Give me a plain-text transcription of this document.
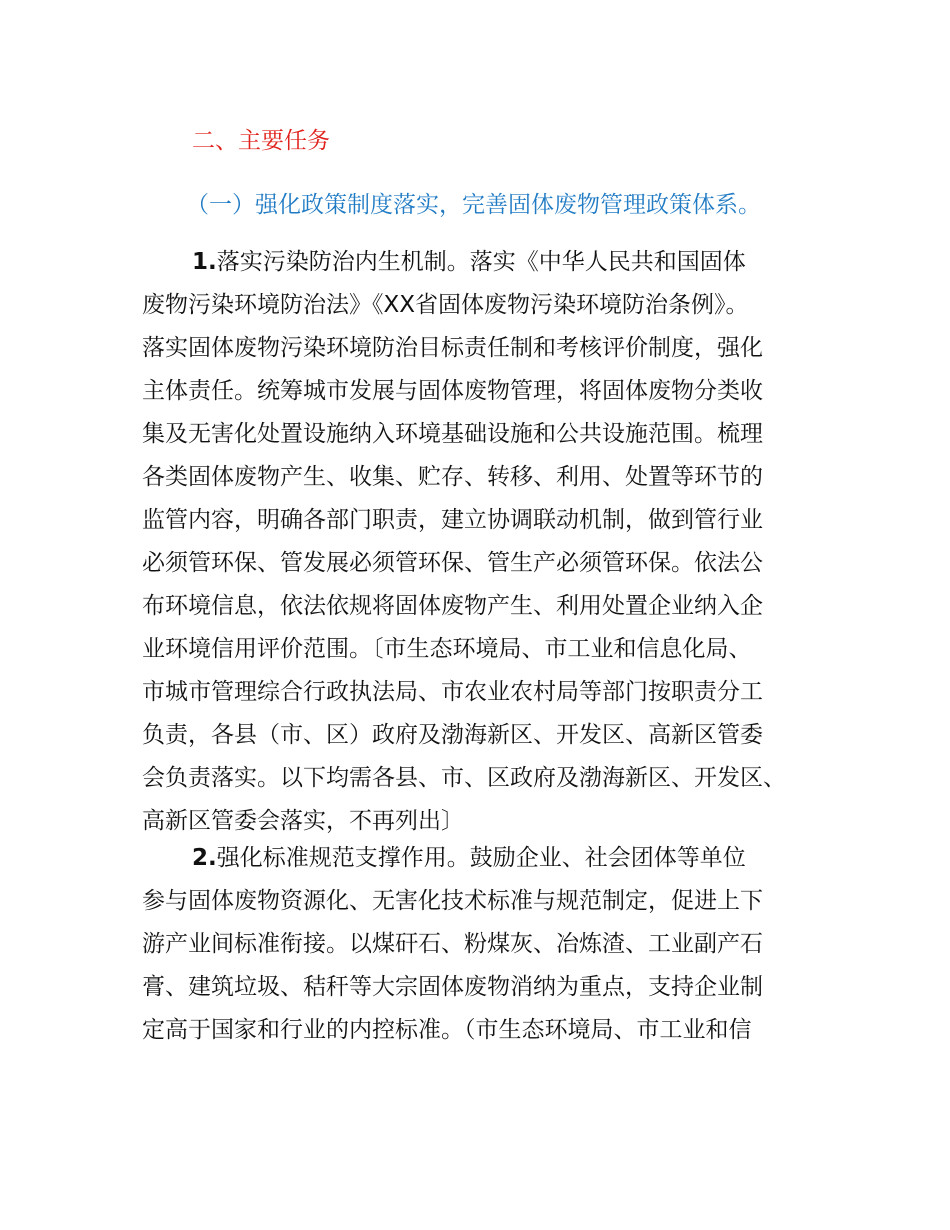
二、主要任务
（一）强化政策制度落实，完善固体废物管理政策体系。
1.落实污染防治内生机制。落实《中华人民共和国固体
废物污染环境防治法》《XX省固体废物污染环境防治条例》。
落实固体废物污染环境防治目标责任制和考核评价制度，强化
主体责任。统筹城市发展与固体废物管理，将固体废物分类收
集及无害化处置设施纳入环境基础设施和公共设施范围。梳理
各类固体废物产生、收集、贮存、转移、利用、处置等环节的
监管内容，明确各部门职责，建立协调联动机制，做到管行业
必须管环保、管发展必须管环保、管生产必须管环保。依法公
布环境信息，依法依规将固体废物产生、利用处置企业纳入企
业环境信用评价范围。〔市生态环境局、市工业和信息化局、
市城市管理综合行政执法局、市农业农村局等部门按职责分工
负责，各县（市、区）政府及渤海新区、开发区、高新区管委
会负责落实。以下均需各县、市、区政府及渤海新区、开发区、
高新区管委会落实，不再列出〕
2.强化标准规范支撑作用。鼓励企业、社会团体等单位
参与固体废物资源化、无害化技术标准与规范制定，促进上下
游产业间标准衔接。以煤矸石、粉煤灰、冶炼渣、工业副产石
膏、建筑垃圾、秸秆等大宗固体废物消纳为重点，支持企业制
定高于国家和行业的内控标准。（市生态环境局、市工业和信
